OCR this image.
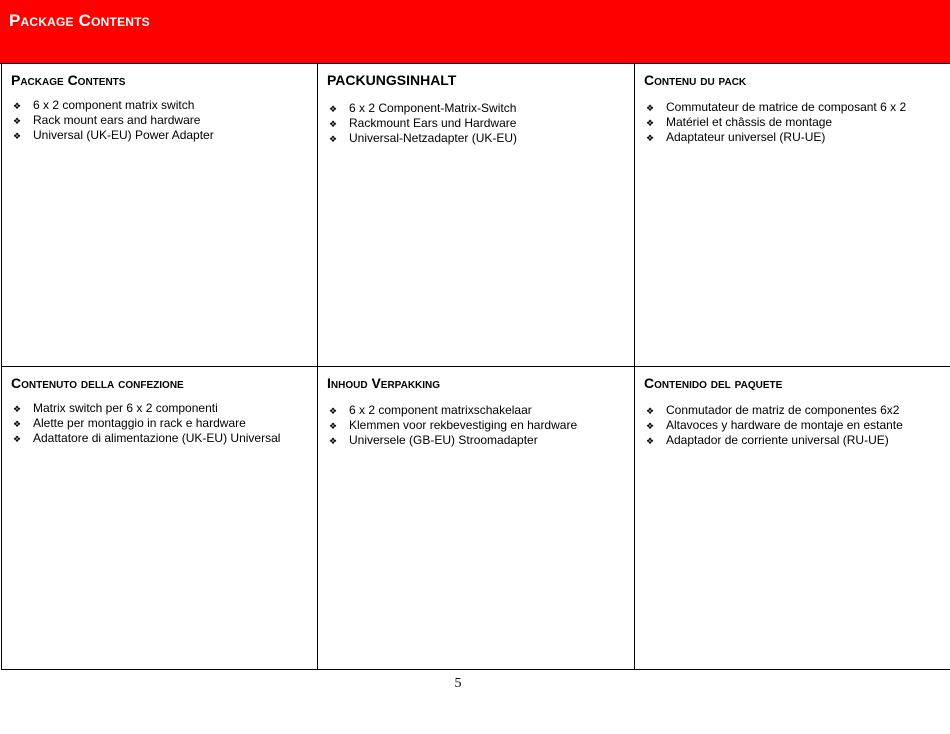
Package Contents
Package Contents
❖ 6 x 2 component matrix switch
❖ Rack mount ears and hardware
❖ Universal (UK-EU) Power Adapter
PACKUNGSINHALT
❖ 6 x 2 Component-Matrix-Switch
❖ Rackmount Ears und Hardware
❖ Universal-Netzadapter (UK-EU)
Contenu du pack
❖ Commutateur de matrice de composant 6 x 2
❖ Matériel et châssis de montage
❖ Adaptateur universel (RU-UE)
Contenuto della confezione
❖ Matrix switch per 6 x 2 componenti
❖ Alette per montaggio in rack e hardware
❖ Adattatore di alimentazione (UK-EU) Universal
Inhoud Verpakking
❖ 6 x 2 component matrixschakelaar
❖ Klemmen voor rekbevestiging en hardware
❖ Universele (GB-EU) Stroomadapter
Contenido del paquete
❖ Conmutador de matriz de componentes 6x2
❖ Altavoces y hardware de montaje en estante
❖ Adaptador de corriente universal (RU-UE)

5
